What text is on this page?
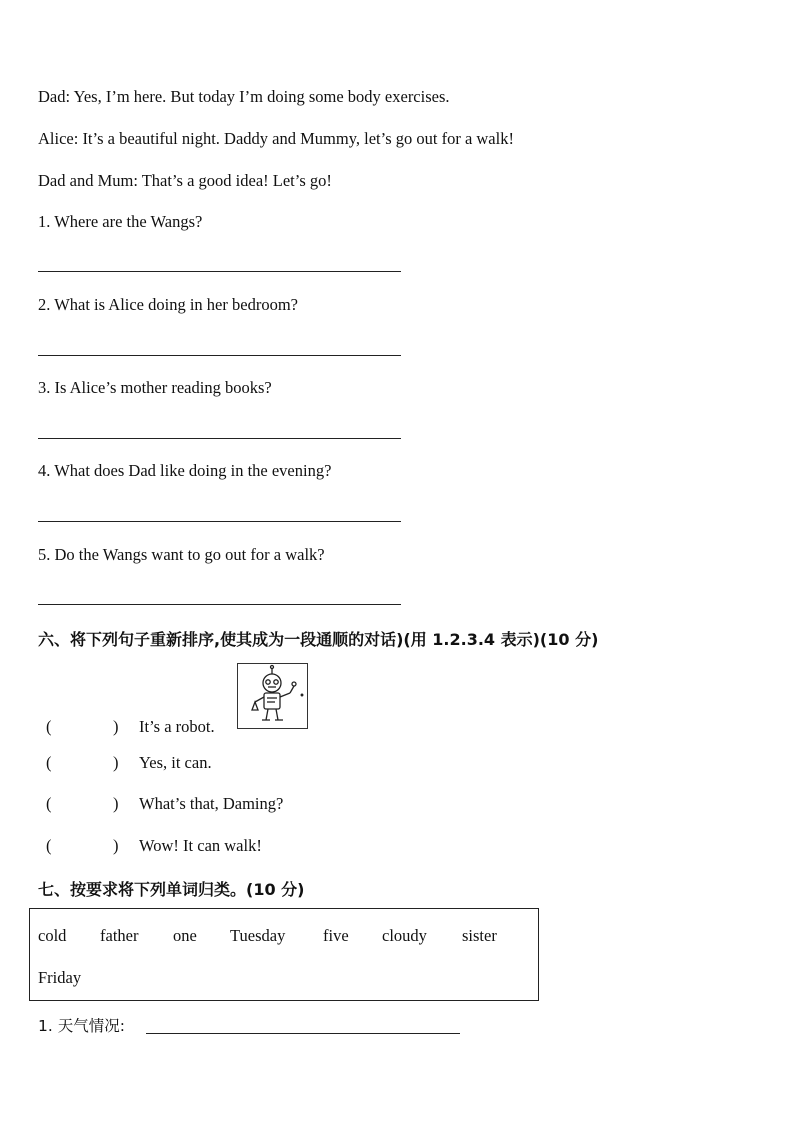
Dad: Yes, I’m here. But today I’m doing some body exercises.
Alice: It’s a beautiful night. Daddy and Mummy, let’s go out for a walk!
Dad and Mum: That’s a good idea! Let’s go!
1. Where are the Wangs?
2. What is Alice doing in her bedroom?
3. Is Alice’s mother reading books?
4. What does Dad like doing in the evening?
5. Do the Wangs want to go out for a walk?
六、将下列句子重新排序,使其成为一段通顺的对话)(用 1.2.3.4 表示)(10 分)
(	) It’s a robot.
(	) Yes, it can.
(	) What’s that, Daming?
(	) Wow! It can walk!
七、按要求将下列单词归类。(10 分)
cold father one Tuesday five cloudy sister
Friday
1. 天气情况:
